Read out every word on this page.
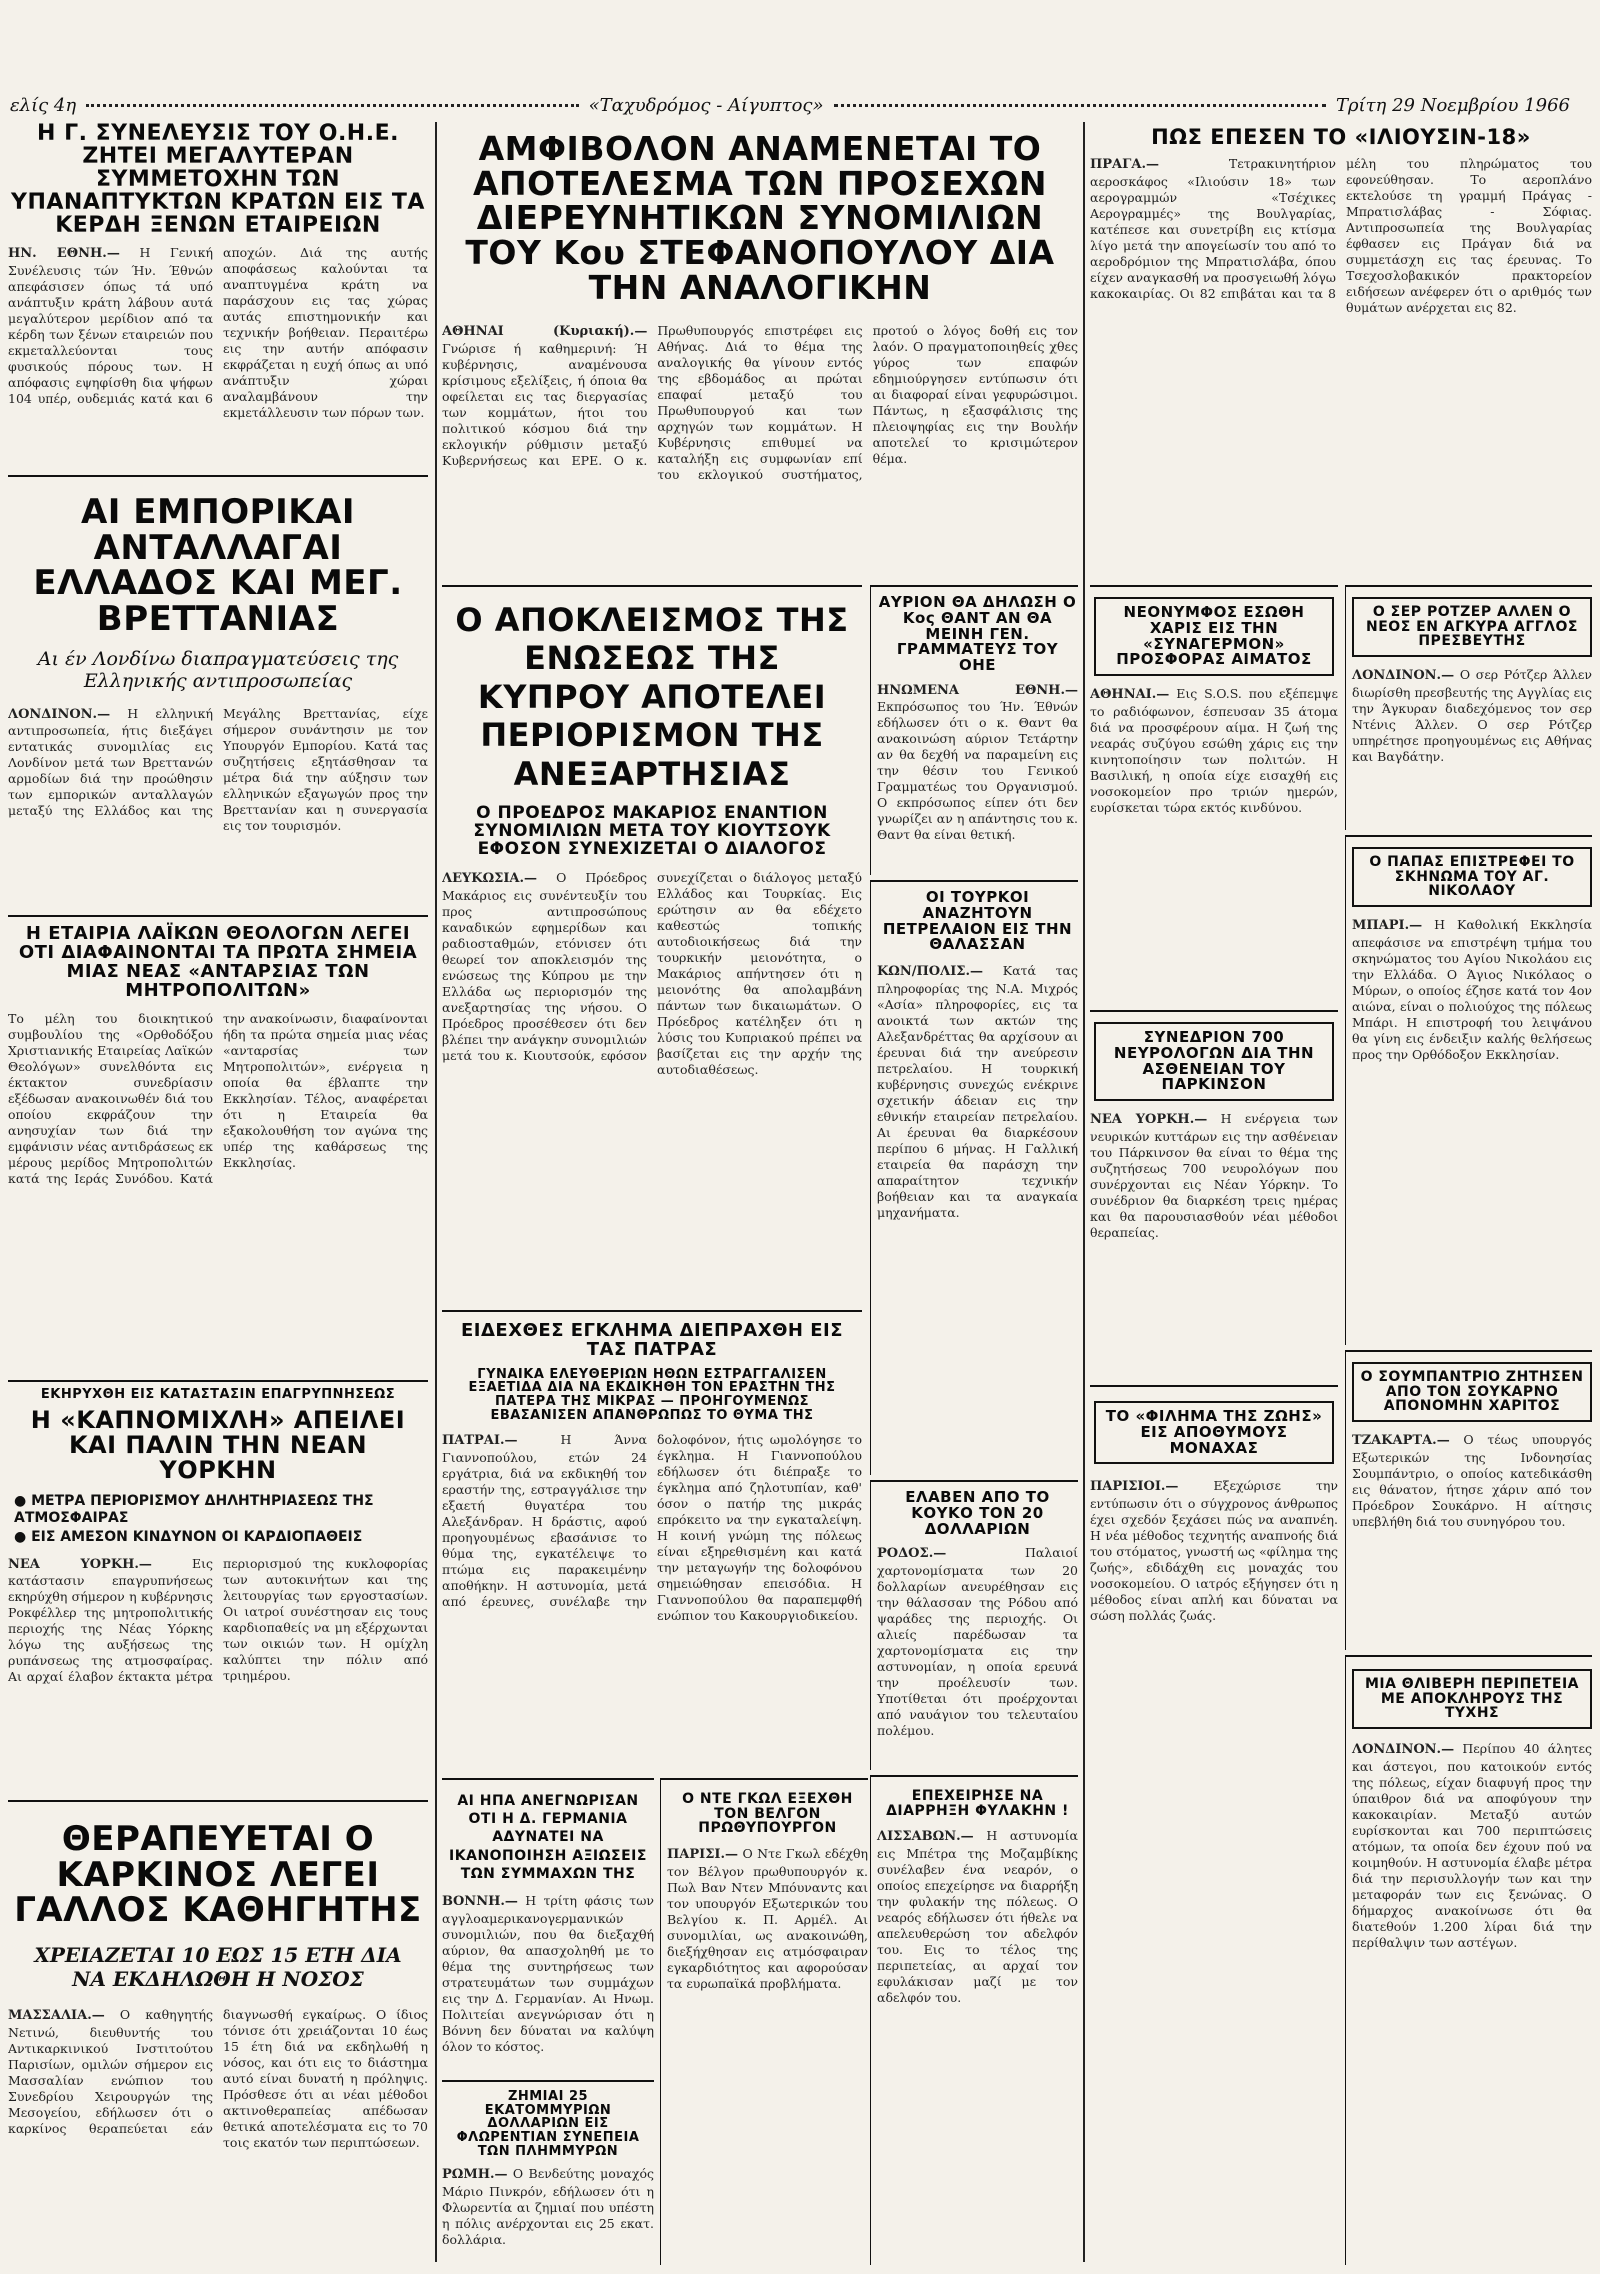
ελίς 4η	«Ταχυδρόμος - Αίγυπτος»	Τρίτη 29 Νοεμβρίου 1966
Η Γ. ΣΥΝΕΛΕΥΣΙΣ ΤΟΥ Ο.Η.Ε. ΖΗΤΕΙ ΜΕΓΑΛΥΤΕΡΑΝ ΣΥΜΜΕΤΟΧΗΝ ΤΩΝ ΥΠΑΝΑΠΤΥΚΤΩΝ ΚΡΑΤΩΝ ΕΙΣ ΤΑ ΚΕΡΔΗ ΞΕΝΩΝ ΕΤΑΙΡΕΙΩΝ
ΗΝ. ΕΘΝΗ.— Η Γενική Συνέλευσις τών Ήν. Έθνών απεφάσισεν όπως τά υπό ανάπτυξιν κράτη λάβουν αυτά μεγαλύτερον μερίδιον από τα κέρδη των ξένων εταιρειών που εκμεταλλεύονται τους φυσικούς πόρους των. Η απόφασις εψηφίσθη δια ψήφων 104 υπέρ, ουδεμιάς κατά και 6 αποχών. Διά της αυτής αποφάσεως καλούνται τα αναπτυγμένα κράτη να παράσχουν εις τας χώρας αυτάς επιστημονικήν και τεχνικήν βοήθειαν. Περαιτέρω εις την αυτήν απόφασιν εκφράζεται η ευχή όπως αι υπό ανάπτυξιν χώραι αναλαμβάνουν την εκμετάλλευσιν των πόρων των.
ΑΙ ΕΜΠΟΡΙΚΑΙ ΑΝΤΑΛΛΑΓΑΙ ΕΛΛΑΔΟΣ ΚΑΙ ΜΕΓ. ΒΡΕΤΤΑΝΙΑΣ
Αι έν Λονδίνω διαπραγματεύσεις της Ελληνικής αντιπροσωπείας
ΛΟΝΔΙΝΟΝ.— Η ελληνική αντιπροσωπεία, ήτις διεξάγει εντατικάς συνομιλίας εις Λονδίνον μετά των Βρεττανών αρμοδίων διά την προώθησιν των εμπορικών ανταλλαγών μεταξύ της Ελλάδος και της Μεγάλης Βρεττανίας, είχε σήμερον συνάντησιν με τον Υπουργόν Εμπορίου. Κατά τας συζητήσεις εξητάσθησαν τα μέτρα διά την αύξησιν των ελληνικών εξαγωγών προς την Βρεττανίαν και η συνεργασία εις τον τουρισμόν.
Η ΕΤΑΙΡΙΑ ΛΑΪΚΩΝ ΘΕΟΛΟΓΩΝ ΛΕΓΕΙ ΟΤΙ ΔΙΑΦΑΙΝΟΝΤΑΙ ΤΑ ΠΡΩΤΑ ΣΗΜΕΙΑ ΜΙΑΣ ΝΕΑΣ «ΑΝΤΑΡΣΙΑΣ ΤΩΝ ΜΗΤΡΟΠΟΛΙΤΩΝ»
Το μέλη του διοικητικού συμβουλίου της «Ορθοδόξου Χριστιανικής Εταιρείας Λαϊκών Θεολόγων» συνελθόντα εις έκτακτον συνεδρίασιν εξέδωσαν ανακοινωθέν διά του οποίου εκφράζουν την ανησυχίαν των διά την εμφάνισιν νέας αντιδράσεως εκ μέρους μερίδος Μητροπολιτών κατά της Ιεράς Συνόδου. Κατά την ανακοίνωσιν, διαφαίνονται ήδη τα πρώτα σημεία μιας νέας «ανταρσίας των Μητροπολιτών», ενέργεια η οποία θα έβλαπτε την Εκκλησίαν. Τέλος, αναφέρεται ότι η Εταιρεία θα εξακολουθήση τον αγώνα της υπέρ της καθάρσεως της Εκκλησίας.
ΕΚΗΡΥΧΘΗ ΕΙΣ ΚΑΤΑΣΤΑΣΙΝ ΕΠΑΓΡΥΠΝΗΣΕΩΣ
Η «ΚΑΠΝΟΜΙΧΛΗ» ΑΠΕΙΛΕΙ ΚΑΙ ΠΑΛΙΝ ΤΗΝ ΝΕΑΝ ΥΟΡΚΗΝ
● ΜΕΤΡΑ ΠΕΡΙΟΡΙΣΜΟΥ ΔΗΛΗΤΗΡΙΑΣΕΩΣ ΤΗΣ ΑΤΜΟΣΦΑΙΡΑΣ
● ΕΙΣ ΑΜΕΣΟΝ ΚΙΝΔΥΝΟΝ ΟΙ ΚΑΡΔΙΟΠΑΘΕΙΣ
ΝΕΑ ΥΟΡΚΗ.—	Εις κατάστασιν επαγρυπνήσεως εκηρύχθη σήμερον η κυβέρνησις Ροκφέλλερ της μητροπολιτικής περιοχής της Νέας Υόρκης λόγω της αυξήσεως της ρυπάνσεως της ατμοσφαίρας. Αι αρχαί έλαβον έκτακτα μέτρα περιορισμού της κυκλοφορίας των αυτοκινήτων και της λειτουργίας των εργοστασίων. Οι ιατροί συνέστησαν εις τους καρδιοπαθείς να μη εξέρχωνται των οικιών των. Η ομίχλη καλύπτει την πόλιν από τριημέρου.
ΘΕΡΑΠΕΥΕΤΑΙ Ο ΚΑΡΚΙΝΟΣ ΛΕΓΕΙ ΓΑΛΛΟΣ ΚΑΘΗΓΗΤΗΣ
ΧΡΕΙΑΖΕΤΑΙ 10 ΕΩΣ 15 ΕΤΗ ΔΙΑ ΝΑ ΕΚΔΗΛΩΘΗ Η ΝΟΣΟΣ
ΜΑΣΣΑΛΙΑ.— Ο καθηγητής Νετινώ, διευθυντής του Αντικαρκινικού Ινστιτούτου Παρισίων, ομιλών σήμερον εις Μασσαλίαν ενώπιον του Συνεδρίου Χειρουργών της Μεσογείου, εδήλωσεν ότι ο καρκίνος θεραπεύεται εάν διαγνωσθή εγκαίρως. Ο ίδιος τόνισε ότι χρειάζονται 10 έως 15 έτη διά να εκδηλωθή η νόσος, και ότι εις το διάστημα αυτό είναι δυνατή η πρόληψις. Πρόσθεσε ότι αι νέαι μέθοδοι ακτινοθεραπείας απέδωσαν θετικά αποτελέσματα εις το 70 τοις εκατόν των περιπτώσεων.
ΑΜΦΙΒΟΛΟΝ ΑΝΑΜΕΝΕΤΑΙ ΤΟ ΑΠΟΤΕΛΕΣΜΑ ΤΩΝ ΠΡΟΣΕΧΩΝ ΔΙΕΡΕΥΝΗΤΙΚΩΝ ΣΥΝΟΜΙΛΙΩΝ ΤΟΥ Κου ΣΤΕΦΑΝΟΠΟΥΛΟΥ ΔΙΑ ΤΗΝ ΑΝΑΛΟΓΙΚΗΝ
ΑΘΗΝΑΙ (Κυριακή).— Γνώρισε ή καθημερινή: Ή κυβέρνησις, αναμένουσα κρίσιμους εξελίξεις, ή όποια θα οφείλεται εις τας διεργασίας των κομμάτων, ήτοι του πολιτικού κόσμου διά την εκλογικήν ρύθμισιν μεταξύ Κυβερνήσεως και ΕΡΕ. Ο κ. Πρωθυπουργός επιστρέφει εις Αθήνας. Διά το θέμα της αναλογικής θα γίνουν εντός της εβδομάδος αι πρώται επαφαί μεταξύ του Πρωθυπουργού και των αρχηγών των κομμάτων. Η Κυβέρνησις επιθυμεί να καταλήξη εις συμφωνίαν επί του εκλογικού συστήματος, προτού ο λόγος δοθή εις τον λαόν. Ο πραγματοποιηθείς χθες γύρος των επαφών εδημιούργησεν εντύπωσιν ότι αι διαφοραί είναι γεφυρώσιμοι. Πάντως, η εξασφάλισις της πλειοψηφίας εις την Βουλήν αποτελεί το κρισιμώτερον θέμα.
Ο ΑΠΟΚΛΕΙΣΜΟΣ ΤΗΣ ΕΝΩΣΕΩΣ ΤΗΣ ΚΥΠΡΟΥ ΑΠΟΤΕΛΕΙ ΠΕΡΙΟΡΙΣΜΟΝ ΤΗΣ ΑΝΕΞΑΡΤΗΣΙΑΣ
Ο ΠΡΟΕΔΡΟΣ ΜΑΚΑΡΙΟΣ ΕΝΑΝΤΙΟΝ ΣΥΝΟΜΙΛΙΩΝ ΜΕΤΑ ΤΟΥ ΚΙΟΥΤΣΟΥΚ ΕΦΟΣΟΝ ΣΥΝΕΧΙΖΕΤΑΙ Ο ΔΙΑΛΟΓΟΣ
ΛΕΥΚΩΣΙΑ.— Ο Πρόεδρος Μακάριος εις συνέντευξίν του προς αντιπροσώπους καναδικών εφημερίδων και ραδιοσταθμών, ετόνισεν ότι θεωρεί τον αποκλεισμόν της ενώσεως της Κύπρου με την Ελλάδα ως περιορισμόν της ανεξαρτησίας της νήσου. Ο Πρόεδρος προσέθεσεν ότι δεν βλέπει την ανάγκην συνομιλιών μετά του κ. Κιουτσούκ, εφόσον συνεχίζεται ο διάλογος μεταξύ Ελλάδος και Τουρκίας. Εις ερώτησιν αν θα εδέχετο καθεστώς τοπικής αυτοδιοικήσεως διά την τουρκικήν μειονότητα, ο Μακάριος απήντησεν ότι η μειονότης θα απολαμβάνη πάντων των δικαιωμάτων. Ο Πρόεδρος κατέληξεν ότι η λύσις του Κυπριακού πρέπει να βασίζεται εις την αρχήν της αυτοδιαθέσεως.
ΑΥΡΙΟΝ ΘΑ ΔΗΛΩΣΗ Ο Κος ΘΑΝΤ ΑΝ ΘΑ ΜΕΙΝΗ ΓΕΝ. ΓΡΑΜΜΑΤΕΥΣ ΤΟΥ ΟΗΕ
ΗΝΩΜΕΝΑ ΕΘΝΗ.— Εκπρόσωπος του Ήν. Έθνών εδήλωσεν ότι ο κ. Θαντ θα ανακοινώση αύριον Τετάρτην αν θα δεχθή να παραμείνη εις την θέσιν του Γενικού Γραμματέως του Οργανισμού. Ο εκπρόσωπος είπεν ότι δεν γνωρίζει αν η απάντησις του κ. Θαντ θα είναι θετική.
ΟΙ ΤΟΥΡΚΟΙ ΑΝΑΖΗΤΟΥΝ ΠΕΤΡΕΛΑΙΟΝ ΕΙΣ ΤΗΝ ΘΑΛΑΣΣΑΝ
ΚΩΝ/ΠΟΛΙΣ.— Κατά τας πληροφορίας της Ν.Α. Μιχρός «Ασία» πληροφορίες, εις τα ανοικτά των ακτών της Αλεξανδρέττας θα αρχίσουν αι έρευναι διά την ανεύρεσιν πετρελαίου. Η τουρκική κυβέρνησις συνεχώς ενέκρινε σχετικήν άδειαν εις την εθνικήν εταιρείαν πετρελαίου. Αι έρευναι θα διαρκέσουν περίπου 6 μήνας. Η Γαλλική εταιρεία θα παράσχη την απαραίτητον τεχνικήν βοήθειαν και τα αναγκαία μηχανήματα.
ΕΙΔΕΧΘΕΣ ΕΓΚΛΗΜΑ ΔΙΕΠΡΑΧΘΗ ΕΙΣ ΤΑΣ ΠΑΤΡΑΣ
ΓΥΝΑΙΚΑ ΕΛΕΥΘΕΡΙΩΝ ΗΘΩΝ ΕΣΤΡΑΓΓΑΛΙΣΕΝ ΕΞΑΕΤΙΔΑ ΔΙΑ ΝΑ ΕΚΔΙΚΗΘΗ ΤΟΝ ΕΡΑΣΤΗΝ ΤΗΣ ΠΑΤΕΡΑ ΤΗΣ ΜΙΚΡΑΣ — ΠΡΟΗΓΟΥΜΕΝΩΣ ΕΒΑΣΑΝΙΣΕΝ ΑΠΑΝΘΡΩΠΩΣ ΤΟ ΘΥΜΑ ΤΗΣ
ΠΑΤΡΑΙ.—	Η Άννα Γιαννοπούλου, ετών 24 εργάτρια, διά να εκδικηθή τον εραστήν της, εστραγγάλισε την εξαετή θυγατέρα του Αλεξάνδραν. Η δράστις, αφού προηγουμένως εβασάνισε το θύμα της, εγκατέλειψε το πτώμα εις παρακειμένην αποθήκην. Η αστυνομία, μετά από έρευνες, συνέλαβε την δολοφόνον, ήτις ωμολόγησε το έγκλημα. Η Γιαννοπούλου εδήλωσεν ότι διέπραξε το έγκλημα από ζηλοτυπίαν, καθ' όσον ο πατήρ της μικράς επρόκειτο να την εγκαταλείψη. Η κοινή γνώμη της πόλεως είναι εξηρεθισμένη και κατά την μεταγωγήν της δολοφόνου σημειώθησαν επεισόδια. Η Γιαννοπούλου θα παραπεμφθή ενώπιον του Κακουργιοδικείου.
ΕΛΑΒΕΝ ΑΠΟ ΤΟ ΚΟΥΚΟ ΤΟΝ 20 ΔΟΛΛΑΡΙΩΝ
ΡΟΔΟΣ.—	Παλαιοί χαρτονομίσματα των 20 δολλαρίων ανευρέθησαν εις την θάλασσαν της Ρόδου από ψαράδες της περιοχής. Οι αλιείς παρέδωσαν τα χαρτονομίσματα εις την αστυνομίαν, η οποία ερευνά την προέλευσίν των. Υποτίθεται ότι προέρχονται από ναυάγιον του τελευταίου πολέμου.
ΑΙ ΗΠΑ ΑΝΕΓΝΩΡΙΣΑΝ ΟΤΙ Η Δ. ΓΕΡΜΑΝΙΑ ΑΔΥΝΑΤΕΙ ΝΑ ΙΚΑΝΟΠΟΙΗΣΗ ΑΞΙΩΣΕΙΣ ΤΩΝ ΣΥΜΜΑΧΩΝ ΤΗΣ
ΒΟΝΝΗ.— Η τρίτη φάσις των αγγλοαμερικανογερμανικών συνομιλιών, που θα διεξαχθή αύριον, θα απασχοληθή με το θέμα της συντηρήσεως των στρατευμάτων των συμμάχων εις την Δ. Γερμανίαν. Αι Ηνωμ. Πολιτείαι ανεγνώρισαν ότι η Βόννη δεν δύναται να καλύψη όλον το κόστος.
Ο ΝΤΕ ΓΚΩΛ ΕΞΕΧΘΗ ΤΟΝ ΒΕΛΓΟΝ ΠΡΩΘΥΠΟΥΡΓΟΝ
ΠΑΡΙΣΙ.— Ο Ντε Γκωλ εδέχθη τον Βέλγον πρωθυπουργόν κ. Πωλ Βαν Ντεν Μπόυναντς και τον υπουργόν Εξωτερικών του Βελγίου κ. Π. Αρμέλ. Αι συνομιλίαι, ως ανακοινώθη, διεξήχθησαν εις ατμόσφαιραν εγκαρδιότητος και αφορούσαν τα ευρωπαϊκά προβλήματα.
ΖΗΜΙΑΙ 25 ΕΚΑΤΟΜΜΥΡΙΩΝ ΔΟΛΛΑΡΙΩΝ ΕΙΣ ΦΛΩΡΕΝΤΙΑΝ ΣΥΝΕΠΕΙΑ ΤΩΝ ΠΛΗΜΜΥΡΩΝ
ΡΩΜΗ.— Ο Βενδεύτης μοναχός Μάριο Πινκρόν, εδήλωσεν ότι η Φλωρεντία αι ζημιαί που υπέστη η πόλις ανέρχονται εις 25 εκατ. δολλάρια.
ΕΠΕΧΕΙΡΗΣΕ ΝΑ ΔΙΑΡΡΗΞΗ ΦΥΛΑΚΗΝ !
ΛΙΣΣΑΒΩΝ.— Η αστυνομία εις Μπέτρα της Μοζαμβίκης συνέλαβεν ένα νεαρόν, ο οποίος επεχείρησε να διαρρήξη την φυλακήν της πόλεως. Ο νεαρός εδήλωσεν ότι ήθελε να απελευθερώση τον αδελφόν του. Εις το τέλος της περιπετείας, αι αρχαί τον εφυλάκισαν μαζί με τον αδελφόν του.
ΠΩΣ ΕΠΕΣΕΝ ΤΟ «ΙΛΙΟΥΣΙΝ-18»
ΠΡΑΓΑ.—	Τετρακινητήριον αεροσκάφος «Ιλιούσιν 18» των αερογραμμών «Τσέχικες Αερογραμμές» της Βουλγαρίας, κατέπεσε και συνετρίβη εις κτίσμα λίγο μετά την απογείωσίν του από το αεροδρόμιον της Μπρατισλάβα, όπου είχεν αναγκασθή να προσγειωθή λόγω κακοκαιρίας. Οι 82 επιβάται και τα 8 μέλη του πληρώματος του εφονεύθησαν. Το αεροπλάνο εκτελούσε τη γραμμή Πράγας - Μπρατισλάβας - Σόφιας. Αντιπροσωπεία της Βουλγαρίας έφθασεν εις Πράγαν διά να συμμετάσχη εις τας έρευνας. Το Τσεχοσλοβακικόν πρακτορείον ειδήσεων ανέφερεν ότι ο αριθμός των θυμάτων ανέρχεται εις 82.
ΝΕΟΝΥΜΦΟΣ ΕΣΩΘΗ ΧΑΡΙΣ ΕΙΣ ΤΗΝ «ΣΥΝΑΓΕΡΜΟΝ» ΠΡΟΣΦΟΡΑΣ ΑΙΜΑΤΟΣ
ΑΘΗΝΑΙ.— Εις S.O.S. που εξέπεμψε το ραδιόφωνον, έσπευσαν 35 άτομα διά να προσφέρουν αίμα. Η ζωή της νεαράς συζύγου εσώθη χάρις εις την κινητοποίησιν των πολιτών. Η Βασιλική, η οποία είχε εισαχθή εις νοσοκομείον προ τριών ημερών, ευρίσκεται τώρα εκτός κινδύνου.
Ο ΣΕΡ ΡΟΤΖΕΡ ΑΛΛΕΝ Ο ΝΕΟΣ ΕΝ ΑΓΚΥΡΑ ΑΓΓΛΟΣ ΠΡΕΣΒΕΥΤΗΣ
ΛΟΝΔΙΝΟΝ.— Ο σερ Ρότζερ Άλλεν διωρίσθη πρεσβευτής της Αγγλίας εις την Άγκυραν διαδεχόμενος τον σερ Ντένις Άλλεν. Ο σερ Ρότζερ υπηρέτησε προηγουμένως εις Αθήνας και Βαγδάτην.
Ο ΠΑΠΑΣ ΕΠΙΣΤΡΕΦΕΙ ΤΟ ΣΚΗΝΩΜΑ ΤΟΥ ΑΓ. ΝΙΚΟΛΑΟΥ
ΜΠΑΡΙ.— Η Καθολική Εκκλησία απεφάσισε να επιστρέψη τμήμα του σκηνώματος του Αγίου Νικολάου εις την Ελλάδα. Ο Άγιος Νικόλαος ο Μύρων, ο οποίος έζησε κατά τον 4ον αιώνα, είναι ο πολιούχος της πόλεως Μπάρι. Η επιστροφή του λειψάνου θα γίνη εις ένδειξιν καλής θελήσεως προς την Ορθόδοξον Εκκλησίαν.
ΣΥΝΕΔΡΙΟΝ 700 ΝΕΥΡΟΛΟΓΩΝ ΔΙΑ ΤΗΝ ΑΣΘΕΝΕΙΑΝ ΤΟΥ ΠΑΡΚΙΝΣΟΝ
ΝΕΑ ΥΟΡΚΗ.— Η ενέργεια των νευρικών κυττάρων εις την ασθένειαν του Πάρκινσον θα είναι το θέμα της συζητήσεως 700 νευρολόγων που συνέρχονται εις Νέαν Υόρκην. Το συνέδριον θα διαρκέση τρεις ημέρας και θα παρουσιασθούν νέαι μέθοδοι θεραπείας.
Ο ΣΟΥΜΠΑΝΤΡΙΟ ΖΗΤΗΣΕΝ ΑΠΟ ΤΟΝ ΣΟΥΚΑΡΝΟ ΑΠΟΝΟΜΗΝ ΧΑΡΙΤΟΣ
ΤΖΑΚΑΡΤΑ.— Ο τέως υπουργός Εξωτερικών της Ινδονησίας Σουμπάντριο, ο οποίος κατεδικάσθη εις θάνατον, ήτησε χάριν από τον Πρόεδρον Σουκάρνο. Η αίτησις υπεβλήθη διά του συνηγόρου του.
ΤΟ «ΦΙΛΗΜΑ ΤΗΣ ΖΩΗΣ» ΕΙΣ ΑΠΟΘΥΜΟΥΣ ΜΟΝΑΧΑΣ
ΠΑΡΙΣΙΟΙ.—	Εξεχώρισε την εντύπωσιν ότι ο σύγχρονος άνθρωπος έχει σχεδόν ξεχάσει πώς να αναπνέη. Η νέα μέθοδος τεχνητής αναπνοής διά του στόματος, γνωστή ως «φίλημα της ζωής», εδιδάχθη εις μοναχάς του νοσοκομείου. Ο ιατρός εξήγησεν ότι η μέθοδος είναι απλή και δύναται να σώση πολλάς ζωάς.
ΜΙΑ ΘΛΙΒΕΡΗ ΠΕΡΙΠΕΤΕΙΑ ΜΕ ΑΠΟΚΛΗΡΟΥΣ ΤΗΣ ΤΥΧΗΣ
ΛΟΝΔΙΝΟΝ.— Περίπου 40 άλητες και άστεγοι, που κατοικούν εντός της πόλεως, είχαν διαφυγή προς την ύπαιθρον διά να αποφύγουν την κακοκαιρίαν. Μεταξύ αυτών ευρίσκονται και 700 περιπτώσεις ατόμων, τα οποία δεν έχουν πού να κοιμηθούν. Η αστυνομία έλαβε μέτρα διά την περισυλλογήν των και την μεταφοράν των εις ξενώνας. Ο δήμαρχος ανακοίνωσε ότι θα διατεθούν 1.200 λίραι διά την περίθαλψιν των αστέγων.
